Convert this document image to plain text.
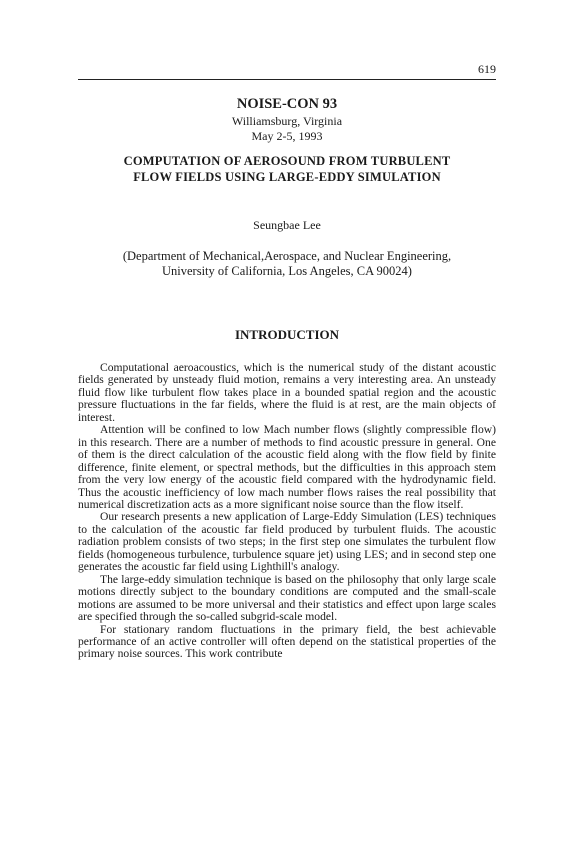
619
NOISE-CON 93
Williamsburg, Virginia
May 2-5, 1993
COMPUTATION OF AEROSOUND FROM TURBULENT
FLOW FIELDS USING LARGE-EDDY SIMULATION
Seungbae Lee
(Department of Mechanical,Aerospace, and Nuclear Engineering,
University of California, Los Angeles, CA 90024)
INTRODUCTION

Computational aeroacoustics, which is the numerical study of the distant acoustic fields generated by unsteady fluid motion, remains a very interesting area. An unsteady fluid flow like turbulent flow takes place in a bounded spatial region and the acoustic pressure fluctuations in the far fields, where the fluid is at rest, are the main objects of interest.

Attention will be confined to low Mach number flows (slightly compressible flow) in this research. There are a number of methods to find acoustic pressure in general. One of them is the direct calculation of the acoustic field along with the flow field by finite difference, finite element, or spectral methods, but the difficulties in this approach stem from the very low energy of the acoustic field compared with the hydrodynamic field. Thus the acoustic inefficiency of low mach number flows raises the real possibility that numerical discretization acts as a more significant noise source than the flow itself.

Our research presents a new application of Large-Eddy Simulation (LES) techniques to the calculation of the acoustic far field produced by turbulent fluids. The acoustic radiation problem consists of two steps; in the first step one simulates the turbulent flow fields (homogeneous turbulence, turbulence square jet) using LES; and in second step one generates the acoustic far field using Lighthill's analogy.

The large-eddy simulation technique is based on the philosophy that only large scale motions directly subject to the boundary conditions are computed and the small-scale motions are assumed to be more universal and their statistics and effect upon large scales are specified through the so-called subgrid-scale model.

For stationary random fluctuations in the primary field, the best achievable performance of an active controller will often depend on the statistical properties of the primary noise sources. This work contribute
